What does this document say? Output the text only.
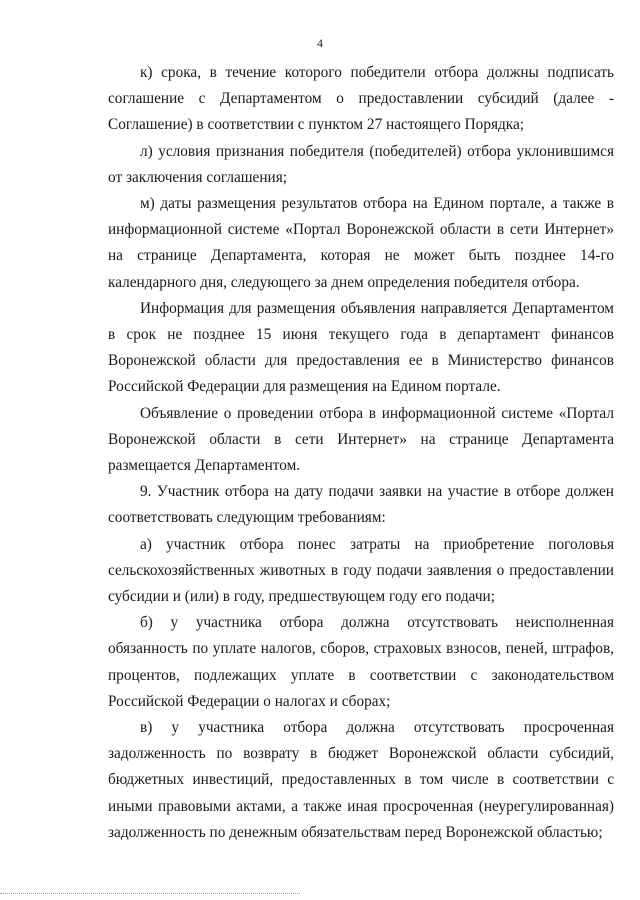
4

к) срока, в течение которого победители отбора должны подписать соглашение с Департаментом о предоставлении субсидий (далее - Соглашение) в соответствии с пунктом 27 настоящего Порядка;

л) условия признания победителя (победителей) отбора уклонившимся от заключения соглашения;

м) даты размещения результатов отбора на Едином портале, а также в информационной системе «Портал Воронежской области в сети Интернет» на странице Департамента, которая не может быть позднее 14-го календарного дня, следующего за днем определения победителя отбора.

Информация для размещения объявления направляется Департаментом в срок не позднее 15 июня текущего года в департамент финансов Воронежской области для предоставления ее в Министерство финансов Российской Федерации для размещения на Едином портале.

Объявление о проведении отбора в информационной системе «Портал Воронежской области в сети Интернет» на странице Департамента размещается Департаментом.

9. Участник отбора на дату подачи заявки на участие в отборе должен соответствовать следующим требованиям:

а) участник отбора понес затраты на приобретение поголовья сельскохозяйственных животных в году подачи заявления о предоставлении субсидии и (или) в году, предшествующем году его подачи;

б) у участника отбора должна отсутствовать неисполненная обязанность по уплате налогов, сборов, страховых взносов, пеней, штрафов, процентов, подлежащих уплате в соответствии с законодательством Российской Федерации о налогах и сборах;

в) у участника отбора должна отсутствовать просроченная задолженность по возврату в бюджет Воронежской области субсидий, бюджетных инвестиций, предоставленных в том числе в соответствии с иными правовыми актами, а также иная просроченная (неурегулированная) задолженность по денежным обязательствам перед Воронежской областью;
